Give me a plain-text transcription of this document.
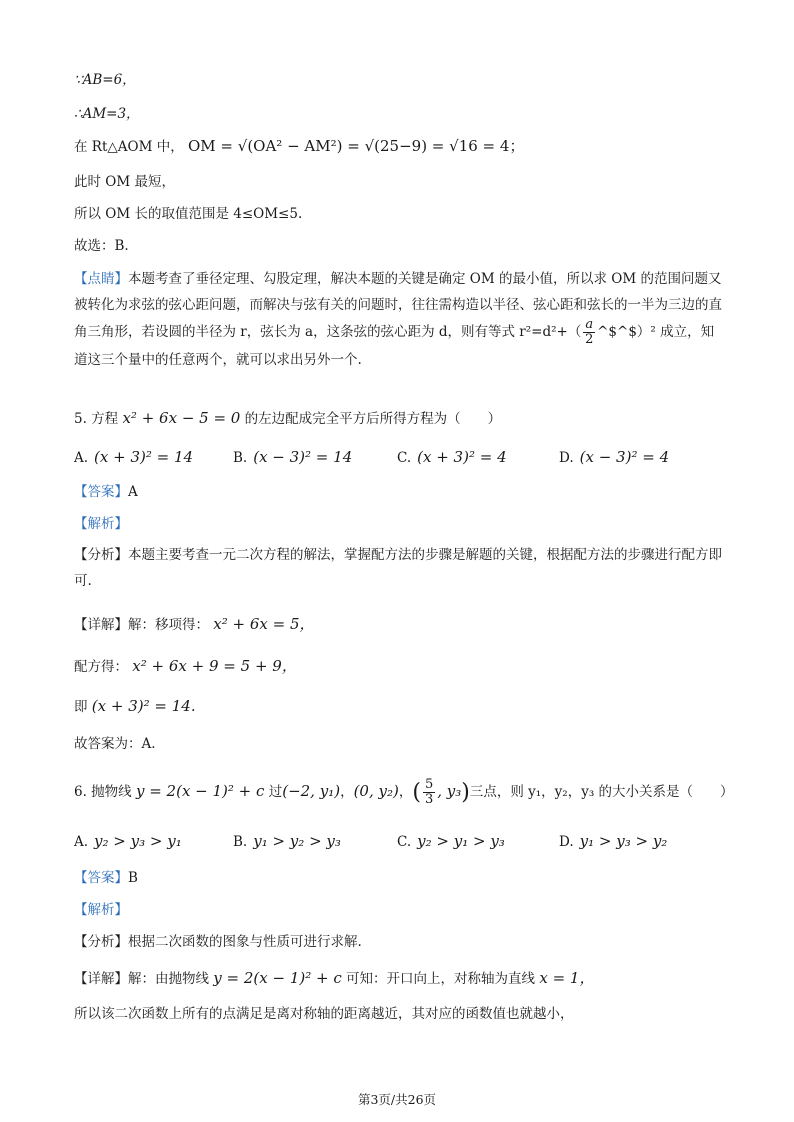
∵AB=6，
∴AM=3，
在 Rt△AOM 中， OM = √(OA² − AM²) = √(25−9) = √16 = 4；
此时 OM 最短，
所以 OM 长的取值范围是 4≤OM≤5.
故选：B.
【点睛】本题考查了垂径定理、勾股定理，解决本题的关键是确定 OM 的最小值，所以求 OM 的范围问题又被转化为求弦的弦心距问题，而解决与弦有关的问题时，往往需构造以半径、弦心距和弦长的一半为三边的直角三角形，若设圆的半径为 r，弦长为 a，这条弦的弦心距为 d，则有等式 $r^2=d^2+( \frac{a}{2}$ ^$^$）² 成立，知道这三个量中的任意两个，就可以求出另外一个.
5. 方程 x² + 6x − 5 = 0 的左边配成完全平方后所得方程为（　　）
A. (x + 3)² = 14	B. (x − 3)² = 14	C. (x + 3)² = 4	D. (x − 3)² = 4
【答案】A
【解析】
【分析】本题主要考查一元二次方程的解法，掌握配方法的步骤是解题的关键，根据配方法的步骤进行配方即可.
【详解】解：移项得： x² + 6x = 5，
配方得： x² + 6x + 9 = 5 + 9，
即 (x + 3)² = 14.
故答案为：A.
6. 抛物线 y = 2(x − 1)² + c 过(−2, y₁)，(0, y₂)，( $\frac{5}{3}$ , y₃)三点，则 y₁，y₂，y₃ 的大小关系是（　　）
A. y₂ > y₃ > y₁	B. y₁ > y₂ > y₃	C. y₂ > y₁ > y₃	D. y₁ > y₃ > y₂
【答案】B
【解析】
【分析】根据二次函数的图象与性质可进行求解.
【详解】解：由抛物线 y = 2(x − 1)² + c 可知：开口向上，对称轴为直线 x = 1，
所以该二次函数上所有的点满足是离对称轴的距离越近，其对应的函数值也就越小，
第3页/共26页
